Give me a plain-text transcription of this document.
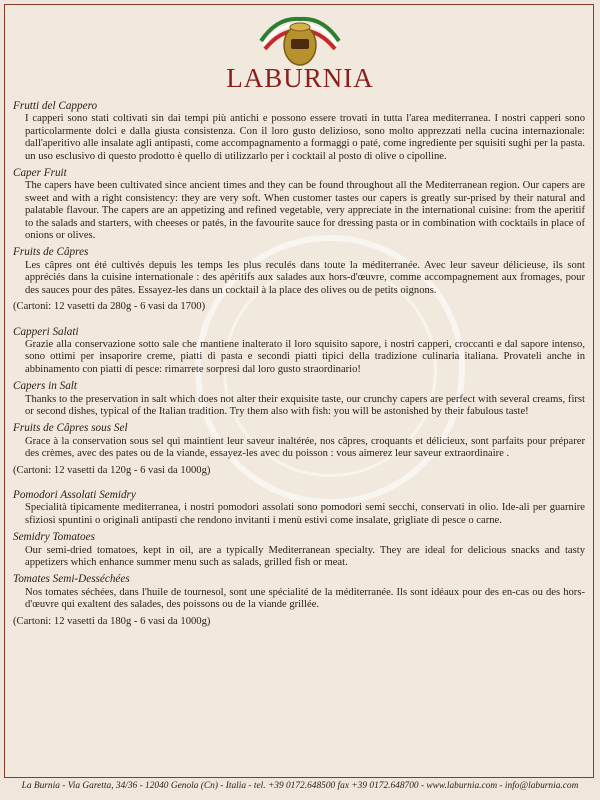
LABURNIA
Frutti del Cappero

I capperi sono stati coltivati sin dai tempi più antichi e possono essere trovati in tutta l'area mediterranea. I nostri capperi sono particolarmente dolci e dalla giusta consistenza. Con il loro gusto delizioso, sono molto apprezzati nella cucina internazionale: dall'aperitivo alle insalate agli antipasti, come accompagnamento a formaggi o paté, come ingrediente per squisiti sughi per la pasta. un uso esclusivo di questo prodotto è quello di utilizzarlo per i cocktail al posto di olive o cipolline.

Caper Fruit

The capers have been cultivated since ancient times and they can be found throughout all the Mediterranean region. Our capers are sweet and with a right consistency: they are very soft. When customer tastes our capers is greatly sur-prised by their natural and palatable flavour. The capers are an appetizing and refined vegetable, very appreciate in the international cuisine: from the aperitif to the salads and starters, with cheeses or patés, in the favourite sauce for dressing pasta or in combination with cocktails in place of onions or olives.

Fruits de Câpres

Les câpres ont été cultivés depuis les temps les plus reculés dans toute la méditerranée. Avec leur saveur délicieuse, ils sont appréciés dans la cuisine internationale : des apéritifs aux salades aux hors-d'œuvre, comme accompagnement aux fromages, pour des sauces pour des pâtes. Essayez-les dans un cocktail à la place des olives ou de petits oignons.

(Cartoni: 12 vasetti da 280g - 6 vasi da 1700)

Capperi Salati

Grazie alla conservazione sotto sale che mantiene inalterato il loro squisito sapore, i nostri capperi, croccanti e dal sapore intenso, sono ottimi per insaporire creme, piatti di pasta e secondi piatti tipici della tradizione culinaria italiana. Provateli anche in abbinamento con piatti di pesce: rimarrete sorpresi dal loro gusto straordinario!

Capers in Salt

Thanks to the preservation in salt which does not alter their exquisite taste, our crunchy capers are perfect with several creams, first or second dishes, typical of the Italian tradition. Try them also with fish: you will be astonished by their fabulous taste!

Fruits de Câpres sous Sel

Grace à la conservation sous sel qui maintient leur saveur inaltérée, nos câpres, croquants et délicieux, sont parfaits pour préparer des crèmes, avec des pates ou de la viande, essayez-les avec du poisson : vous aimerez leur saveur extraordinaire .

(Cartoni: 12 vasetti da 120g - 6 vasi da 1000g)

Pomodori Assolati Semidry

Specialità tipicamente mediterranea, i nostri pomodori assolati sono pomodori semi secchi, conservati in olio. Ide-ali per guarnire sfiziosi spuntini o originali antipasti che rendono invitanti i menù estivi come insalate, grigliate di pesce o carne.

Semidry Tomatoes

Our semi-dried tomatoes, kept in oil, are a typically Mediterranean specialty. They are ideal for delicious snacks and tasty appetizers which enhance summer menu such as salads, grilled fish or meat.

Tomates Semi-Desséchées

Nos tomates séchées, dans l'huile de tournesol, sont une spécialité de la méditerranée. Ils sont idéaux pour des en-cas ou des hors-d'œuvre qui exaltent des salades, des poissons ou de la viande grillée.

(Cartoni: 12 vasetti da 180g - 6 vasi da 1000g)

La Burnia - Via Garetta, 34/36 - 12040 Genola (Cn) - Italia - tel. +39 0172.648500 fax +39 0172.648700 - www.laburnia.com - info@laburnia.com
